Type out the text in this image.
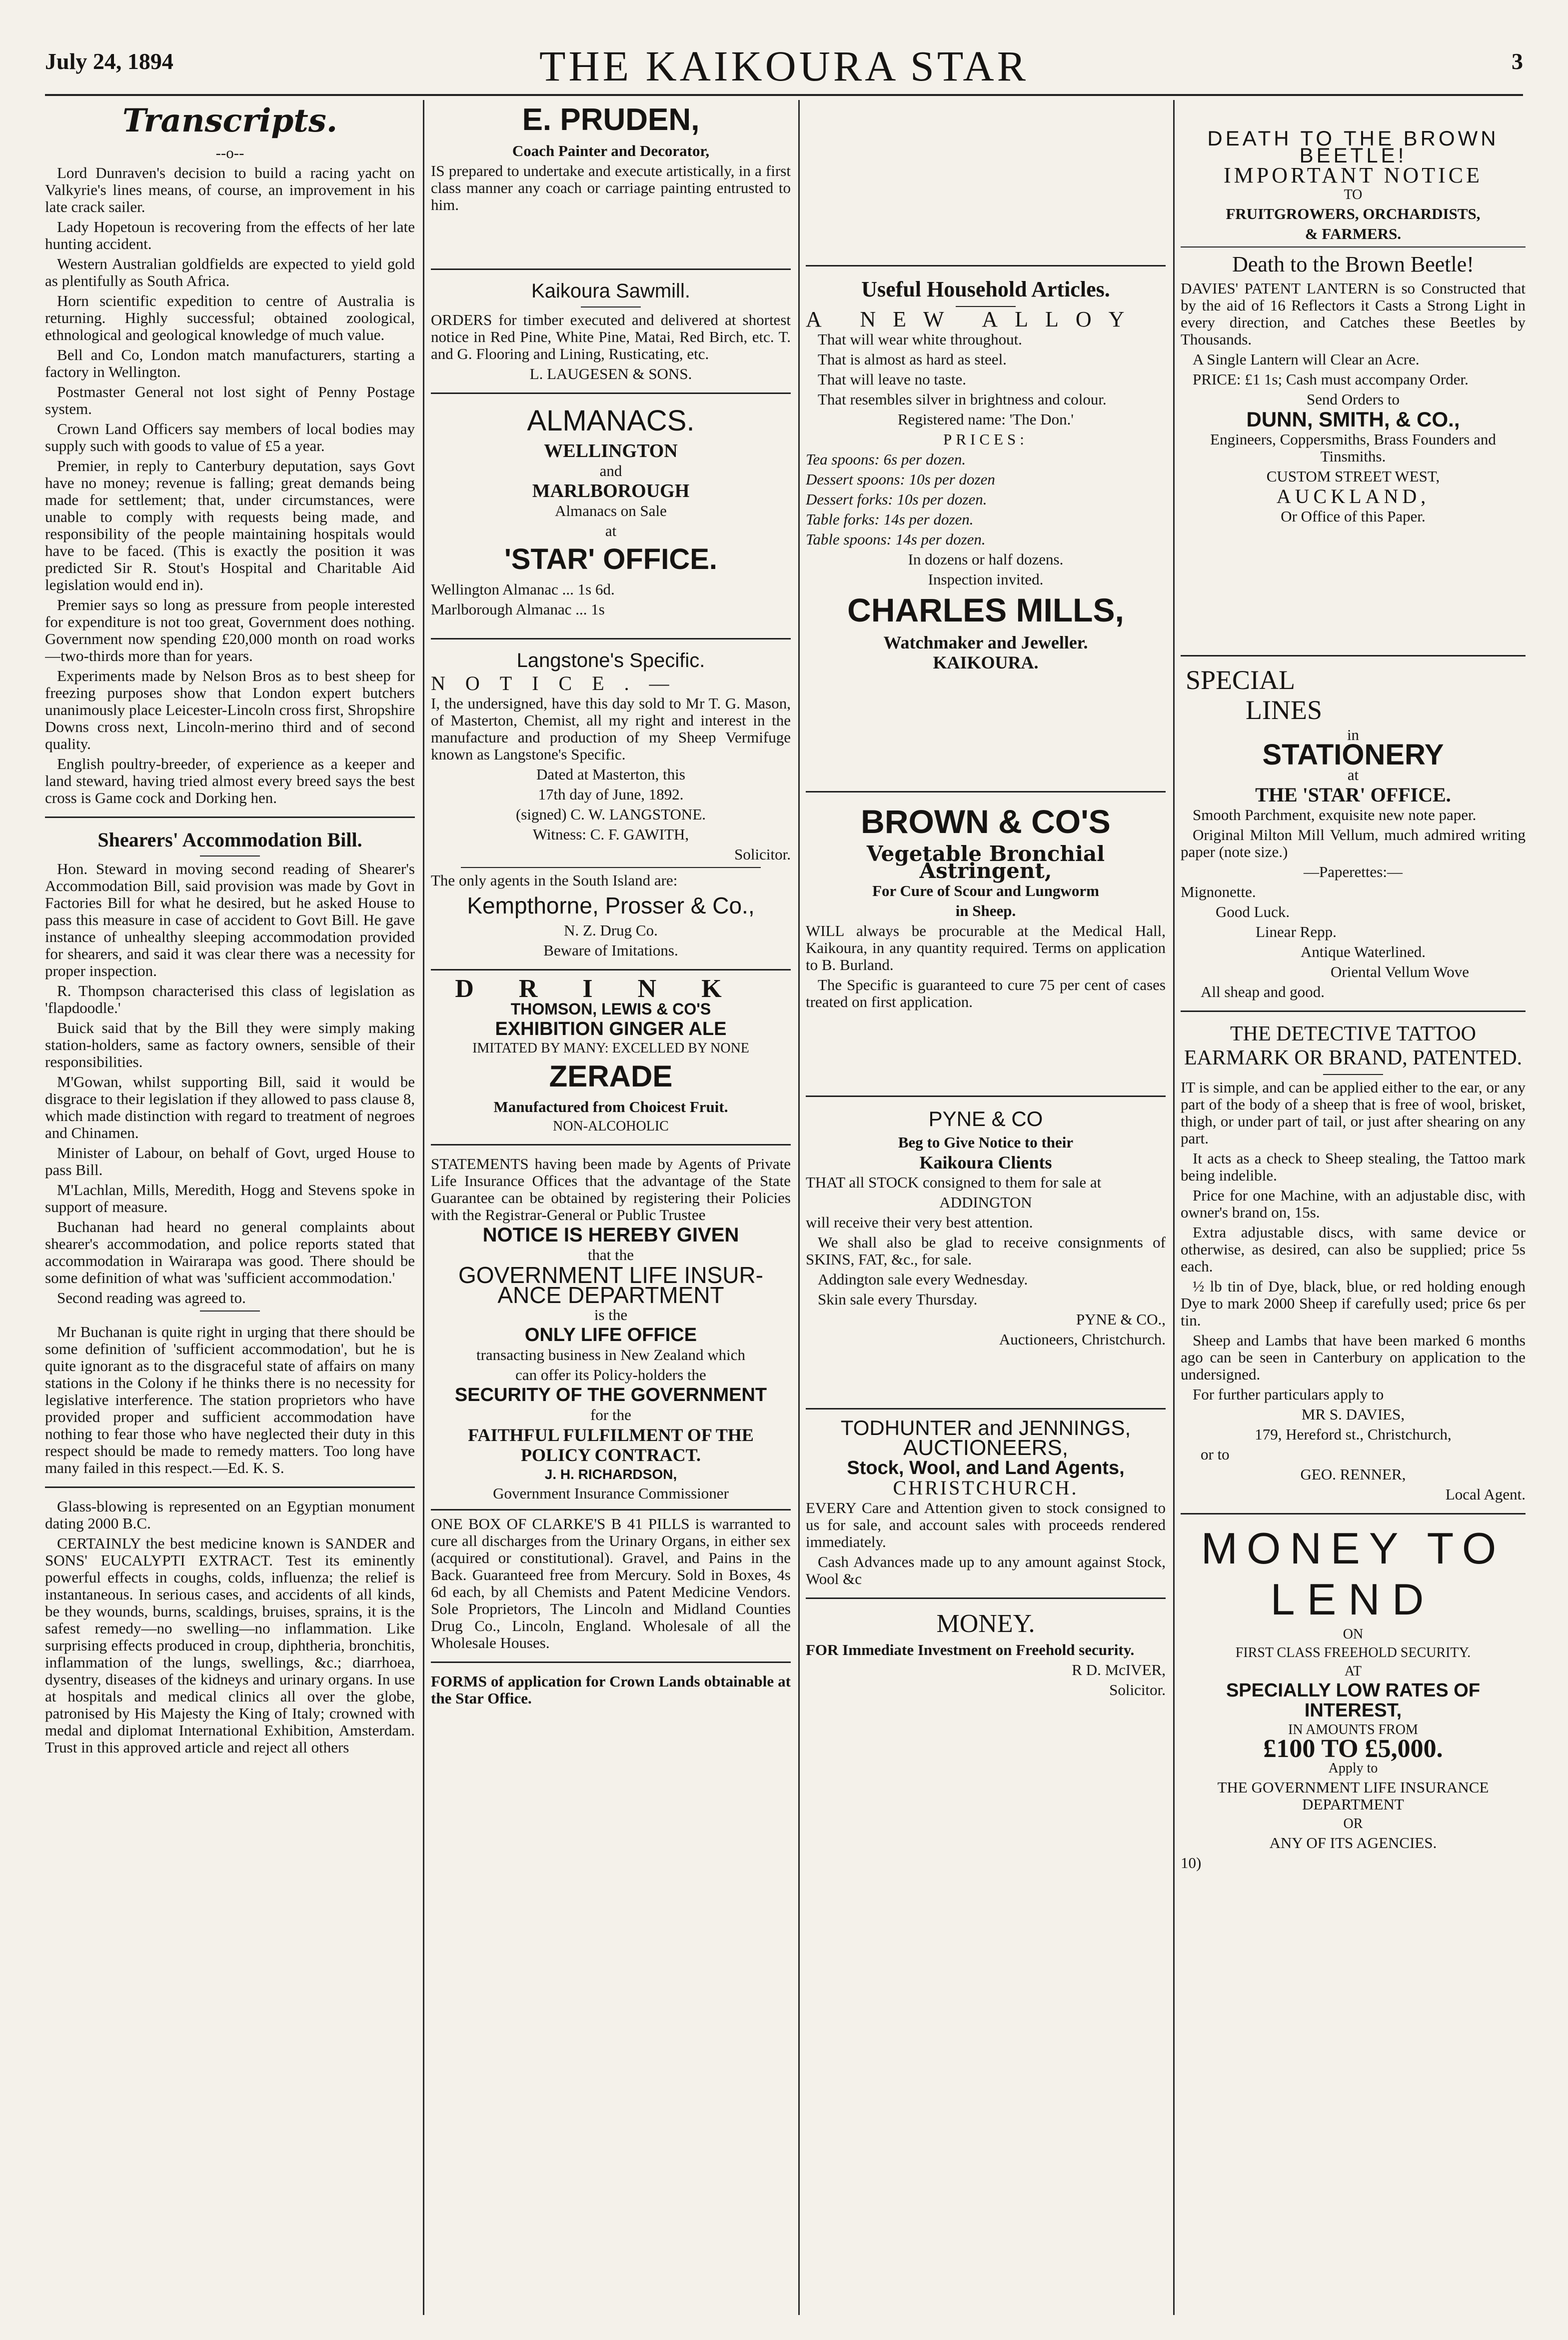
July 24, 1894	THE KAIKOURA STAR	3
Transcripts.

--o--

Lord Dunraven's decision to build a racing yacht on Valkyrie's lines means, of course, an improvement in his late crack sailer.

Lady Hopetoun is recovering from the effects of her late hunting accident.

Western Australian goldfields are expected to yield gold as plentifully as South Africa.

Horn scientific expedition to centre of Australia is returning. Highly successful; obtained zoological, ethnological and geological knowledge of much value.

Bell and Co, London match manufacturers, starting a factory in Wellington.

Postmaster General not lost sight of Penny Postage system.

Crown Land Officers say members of local bodies may supply such with goods to value of £5 a year.

Premier, in reply to Canterbury deputation, says Govt have no money; revenue is falling; great demands being made for settlement; that, under circumstances, were unable to comply with requests being made, and responsibility of the people maintaining hospitals would have to be faced. (This is exactly the position it was predicted Sir R. Stout's Hospital and Charitable Aid legislation would end in).

Premier says so long as pressure from people interested for expenditure is not too great, Government does nothing. Government now spending £20,000 month on road works—two-thirds more than for years.

Experiments made by Nelson Bros as to best sheep for freezing purposes show that London expert butchers unanimously place Leicester-Lincoln cross first, Shropshire Downs cross next, Lincoln-merino third and of second quality.

English poultry-breeder, of experience as a keeper and land steward, having tried almost every breed says the best cross is Game cock and Dorking hen.

Shearers' Accommodation Bill.

Hon. Steward in moving second reading of Shearer's Accommodation Bill, said provision was made by Govt in Factories Bill for what he desired, but he asked House to pass this measure in case of accident to Govt Bill. He gave instance of unhealthy sleeping accommodation provided for shearers, and said it was clear there was a necessity for proper inspection.

R. Thompson characterised this class of legislation as 'flapdoodle.'

Buick said that by the Bill they were simply making station-holders, same as factory owners, sensible of their responsibilities.

M'Gowan, whilst supporting Bill, said it would be disgrace to their legislation if they allowed to pass clause 8, which made distinction with regard to treatment of negroes and Chinamen.

Minister of Labour, on behalf of Govt, urged House to pass Bill.

M'Lachlan, Mills, Meredith, Hogg and Stevens spoke in support of measure.

Buchanan had heard no general complaints about shearer's accommodation, and police reports stated that accommodation in Wairarapa was good. There should be some definition of what was 'sufficient accommodation.'

Second reading was agreed to.

Mr Buchanan is quite right in urging that there should be some definition of 'sufficient accommodation', but he is quite ignorant as to the disgraceful state of affairs on many stations in the Colony if he thinks there is no necessity for legislative interference. The station proprietors who have provided proper and sufficient accommodation have nothing to fear those who have neglected their duty in this respect should be made to remedy matters. Too long have many failed in this respect.—Ed. K. S.

Glass-blowing is represented on an Egyptian monument dating 2000 B.C.

CERTAINLY the best medicine known is SANDER and SONS' EUCALYPTI EXTRACT. Test its eminently powerful effects in coughs, colds, influenza; the relief is instantaneous. In serious cases, and accidents of all kinds, be they wounds, burns, scaldings, bruises, sprains, it is the safest remedy—no swelling—no inflammation. Like surprising effects produced in croup, diphtheria, bronchitis, inflammation of the lungs, swellings, &c.; diarrhoea, dysentry, diseases of the kidneys and urinary organs. In use at hospitals and medical clinics all over the globe, patronised by His Majesty the King of Italy; crowned with medal and diplomat International Exhibition, Amsterdam. Trust in this approved article and reject all others

E. PRUDEN,

Coach Painter and Decorator,

IS prepared to undertake and execute artistically, in a first class manner any coach or carriage painting entrusted to him.

Kaikoura Sawmill.

ORDERS for timber executed and delivered at shortest notice in Red Pine, White Pine, Matai, Red Birch, etc. T. and G. Flooring and Lining, Rusticating, etc.

L. LAUGESEN & SONS.

ALMANACS.

WELLINGTON

and

MARLBOROUGH

Almanacs on Sale

at

'STAR' OFFICE.

Wellington Almanac ... 1s 6d.

Marlborough Almanac ... 1s

Langstone's Specific.

NOTICE.—

I, the undersigned, have this day sold to Mr T. G. Mason, of Masterton, Chemist, all my right and interest in the manufacture and production of my Sheep Vermifuge known as Langstone's Specific.

Dated at Masterton, this

17th day of June, 1892.

(signed) C. W. LANGSTONE.

Witness: C. F. GAWITH,

Solicitor.

The only agents in the South Island are:

Kempthorne, Prosser & Co.,

N. Z. Drug Co.

Beware of Imitations.

DRINK

THOMSON, LEWIS & CO'S

EXHIBITION GINGER ALE

IMITATED BY MANY: EXCELLED BY NONE

ZERADE

Manufactured from Choicest Fruit.

NON-ALCOHOLIC

STATEMENTS having been made by Agents of Private Life Insurance Offices that the advantage of the State Guarantee can be obtained by registering their Policies with the Registrar-General or Public Trustee

NOTICE IS HEREBY GIVEN

that the

GOVERNMENT LIFE INSUR-

ANCE DEPARTMENT

is the

ONLY LIFE OFFICE

transacting business in New Zealand which

can offer its Policy-holders the

SECURITY OF THE GOVERNMENT

for the

FAITHFUL FULFILMENT OF THE

POLICY CONTRACT.

J. H. RICHARDSON,

Government Insurance Commissioner

ONE BOX OF CLARKE'S B 41 PILLS is warranted to cure all discharges from the Urinary Organs, in either sex (acquired or constitutional). Gravel, and Pains in the Back. Guaranteed free from Mercury. Sold in Boxes, 4s 6d each, by all Chemists and Patent Medicine Vendors. Sole Proprietors, The Lincoln and Midland Counties Drug Co., Lincoln, England. Wholesale of all the Wholesale Houses.

FORMS of application for Crown Lands obtainable at the Star Office.

Useful Household Articles.

A NEW ALLOY

That will wear white throughout.

That is almost as hard as steel.

That will leave no taste.

That resembles silver in brightness and colour.

Registered name: 'The Don.'

PRICES:

Tea spoons: 6s per dozen.

Dessert spoons: 10s per dozen

Dessert forks: 10s per dozen.

Table forks: 14s per dozen.

Table spoons: 14s per dozen.

In dozens or half dozens.

Inspection invited.

CHARLES MILLS,

Watchmaker and Jeweller.

KAIKOURA.

BROWN & CO'S

Vegetable Bronchial Astringent,

For Cure of Scour and Lungworm

in Sheep.

WILL always be procurable at the Medical Hall, Kaikoura, in any quantity required. Terms on application to B. Burland.

The Specific is guaranteed to cure 75 per cent of cases treated on first application.

PYNE & CO

Beg to Give Notice to their

Kaikoura Clients

THAT all STOCK consigned to them for sale at

ADDINGTON

will receive their very best attention.

We shall also be glad to receive consignments of SKINS, FAT, &c., for sale.

Addington sale every Wednesday.

Skin sale every Thursday.

PYNE & CO.,

Auctioneers, Christchurch.

TODHUNTER and JENNINGS,

AUCTIONEERS,

Stock, Wool, and Land Agents,

CHRISTCHURCH.

EVERY Care and Attention given to stock consigned to us for sale, and account sales with proceeds rendered immediately.

Cash Advances made up to any amount against Stock, Wool &c

MONEY.

FOR Immediate Investment on Freehold security.

R D. McIVER,

Solicitor.

DEATH TO THE BROWN BEETLE!

IMPORTANT NOTICE

TO

FRUITGROWERS, ORCHARDISTS,

& FARMERS.

Death to the Brown Beetle!

DAVIES' PATENT LANTERN is so Constructed that by the aid of 16 Reflectors it Casts a Strong Light in every direction, and Catches these Beetles by Thousands.

A Single Lantern will Clear an Acre.

PRICE: £1 1s; Cash must accompany Order.

Send Orders to

DUNN, SMITH, & CO.,

Engineers, Coppersmiths, Brass Founders and Tinsmiths.

CUSTOM STREET WEST,

AUCKLAND,

Or Office of this Paper.

SPECIAL

LINES

in

STATIONERY

at

THE 'STAR' OFFICE.

Smooth Parchment, exquisite new note paper.

Original Milton Mill Vellum, much admired writing paper (note size.)

—Paperettes:—

Mignonette.

Good Luck.

Linear Repp.

Antique Waterlined.

Oriental Vellum Wove

All sheap and good.

THE DETECTIVE TATTOO EARMARK OR BRAND, PATENTED.

IT is simple, and can be applied either to the ear, or any part of the body of a sheep that is free of wool, brisket, thigh, or under part of tail, or just after shearing on any part.

It acts as a check to Sheep stealing, the Tattoo mark being indelible.

Price for one Machine, with an adjustable disc, with owner's brand on, 15s.

Extra adjustable discs, with same device or otherwise, as desired, can also be supplied; price 5s each.

½ lb tin of Dye, black, blue, or red holding enough Dye to mark 2000 Sheep if carefully used; price 6s per tin.

Sheep and Lambs that have been marked 6 months ago can be seen in Canterbury on application to the undersigned.

For further particulars apply to

MR S. DAVIES,

179, Hereford st., Christchurch,

or to

GEO. RENNER,

Local Agent.

MONEY TO

LEND

ON

FIRST CLASS FREEHOLD SECURITY.

AT

SPECIALLY LOW RATES OF

INTEREST,

IN AMOUNTS FROM

£100 TO £5,000.

Apply to

THE GOVERNMENT LIFE INSURANCE DEPARTMENT

OR

ANY OF ITS AGENCIES.

10)
